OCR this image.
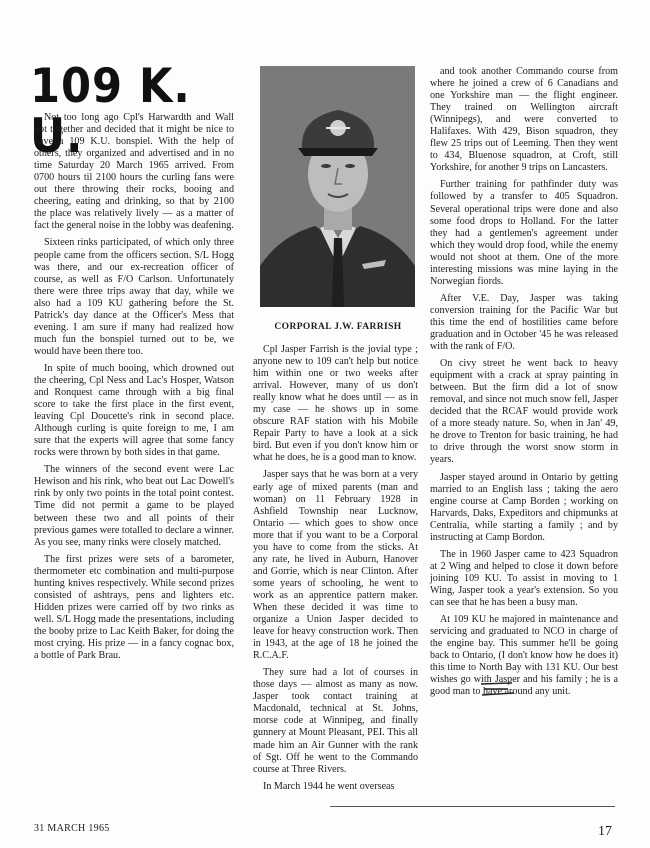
109 K. U.

Not too long ago Cpl's Harwardth and Wall got together and decided that it might be nice to have a 109 K.U. bonspiel. With the help of others, they organized and advertised and in no time Saturday 20 March 1965 arrived. From 0700 hours til 2100 hours the curling fans were out there throwing their rocks, booing and cheering, eating and drinking, so that by 2100 the place was relatively lively — as a matter of fact the general noise in the lobby was deafening.

Sixteen rinks participated, of which only three people came from the officers section. S/L Hogg was there, and our ex-recreation officer of course, as well as F/O Carlson. Unfortunately there were three trips away that day, while we also had a 109 KU gathering before the St. Patrick's day dance at the Officer's Mess that evening. I am sure if many had realized how much fun the bonspiel turned out to be, we would have been there too.

In spite of much booing, which drowned out the cheering, Cpl Ness and Lac's Hosper, Watson and Ronquest came through with a big final score to take the first place in the first event, leaving Cpl Doucette's rink in second place. Although curling is quite foreign to me, I am sure that the experts will agree that some fancy rocks were thrown by both sides in that game.

The winners of the second event were Lac Hewison and his rink, who beat out Lac Dowell's rink by only two points in the total point contest. Time did not permit a game to be played between these two and all points of their previous games were totalled to declare a winner. As you see, many rinks were closely matched.

The first prizes were sets of a barometer, thermometer etc combination and multi-purpose hunting knives respectively. While second prizes consisted of ashtrays, pens and lighters etc. Hidden prizes were carried off by two rinks as well. S/L Hogg made the presentations, including the booby prize to Lac Keith Baker, for doing the most crying. His prize — in a fancy cognac box, a bottle of Park Brau.

CORPORAL J.W. FARRISH

Cpl Jasper Farrish is the jovial type ; anyone new to 109 can't help but notice him within one or two weeks after arrival. However, many of us don't really know what he does until — as in my case — he shows up in some obscure RAF station with his Mobile Repair Party to have a look at a sick bird. But even if you don't know him or what he does, he is a good man to know.

Jasper says that he was born at a very early age of mixed parents (man and woman) on 11 February 1928 in Ashfield Township near Lucknow, Ontario — which goes to show once more that if you want to be a Corporal you have to come from the sticks. At any rate, he lived in Auburn, Hanover and Gorrie, which is near Clinton. After some years of schooling, he went to work as an apprentice pattern maker. When these decided it was time to organize a Union Jasper decided to leave for heavy construction work. Then in 1943, at the age of 18 he joined the R.C.A.F.

They sure had a lot of courses in those days — almost as many as now. Jasper took contact training at Macdonald, technical at St. Johns, morse code at Winnipeg, and finally gunnery at Mount Pleasant, PEI. This all made him an Air Gunner with the rank of Sgt. Off he went to the Commando course at Three Rivers.

In March 1944 he went overseas

and took another Commando course from where he joined a crew of 6 Canadians and one Yorkshire man — the flight engineer. They trained on Wellington aircraft (Winnipegs), and were converted to Halifaxes. With 429, Bison squadron, they flew 25 trips out of Leeming. Then they went to 434, Bluenose squadron, at Croft, still Yorkshire, for another 9 trips on Lancasters.

Further training for pathfinder duty was followed by a transfer to 405 Squadron. Several operational trips were done and also some food drops to Holland. For the latter they had a gentlemen's agreement under which they would drop food, while the enemy would not shoot at them. One of the more interesting missions was mine laying in the Norwegian fiords.

After V.E. Day, Jasper was taking conversion training for the Pacific War but this time the end of hostilities came before graduation and in October '45 he was released with the rank of F/O.

On civy street he went back to heavy equipment with a crack at spray painting in between. But the firm did a lot of snow removal, and since not much snow fell, Jasper decided that the RCAF would provide work of a more steady nature. So, when in Jan' 49, he drove to Trenton for basic training, he had to drive through the worst snow storm in years.

Jasper stayed around in Ontario by getting married to an English lass ; taking the aero engine course at Camp Borden ; working on Harvards, Daks, Expeditors and chipmunks at Centralia, while starting a family ; and by instructing at Camp Bordon.

The in 1960 Jasper came to 423 Squadron at 2 Wing and helped to close it down before joining 109 KU. To assist in moving to 1 Wing, Jasper took a year's extension. So you can see that he has been a busy man.

At 109 KU he majored in maintenance and servicing and graduated to NCO in charge of the engine bay. This summer he'll be going back to Ontario, (I don't know how he does it) this time to North Bay with 131 KU. Our best wishes go with Jasper and his family ; he is a good man to have around any unit.

31 MARCH 1965	17
